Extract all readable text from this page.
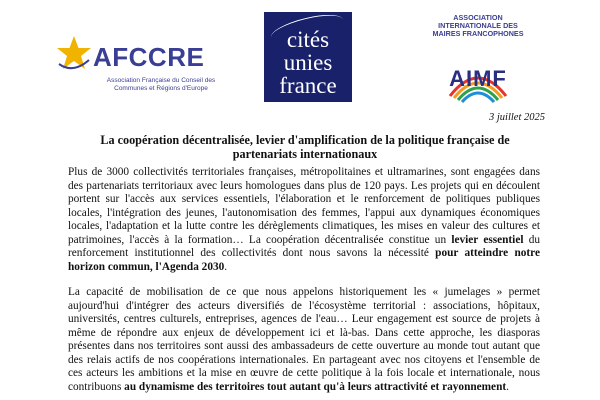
AFCCRE
Association Française du Conseil des Communes et Régions d'Europe
cités
unies
france
ASSOCIATION INTERNATIONALE DES MAIRES FRANCOPHONES
AIMF
3 juillet 2025
La coopération décentralisée, levier d'amplification de la politique française de partenariats internationaux
Plus de 3000 collectivités territoriales françaises, métropolitaines et ultramarines, sont engagées dans des partenariats territoriaux avec leurs homologues dans plus de 120 pays. Les projets qui en découlent portent sur l'accès aux services essentiels, l'élaboration et le renforcement de politiques publiques locales, l'intégration des jeunes, l'autonomisation des femmes, l'appui aux dynamiques économiques locales, l'adaptation et la lutte contre les dérèglements climatiques, les mises en valeur des cultures et patrimoines, l'accès à la formation… La coopération décentralisée constitue un levier essentiel du renforcement institutionnel des collectivités dont nous savons la nécessité pour atteindre notre horizon commun, l'Agenda 2030.
La capacité de mobilisation de ce que nous appelons historiquement les « jumelages » permet aujourd'hui d'intégrer des acteurs diversifiés de l'écosystème territorial : associations, hôpitaux, universités, centres culturels, entreprises, agences de l'eau… Leur engagement est source de projets à même de répondre aux enjeux de développement ici et là-bas. Dans cette approche, les diasporas présentes dans nos territoires sont aussi des ambassadeurs de cette ouverture au monde tout autant que des relais actifs de nos coopérations internationales. En partageant avec nos citoyens et l'ensemble de ces acteurs les ambitions et la mise en œuvre de cette politique à la fois locale et internationale, nous contribuons au dynamisme des territoires tout autant qu'à leurs attractivité et rayonnement.
